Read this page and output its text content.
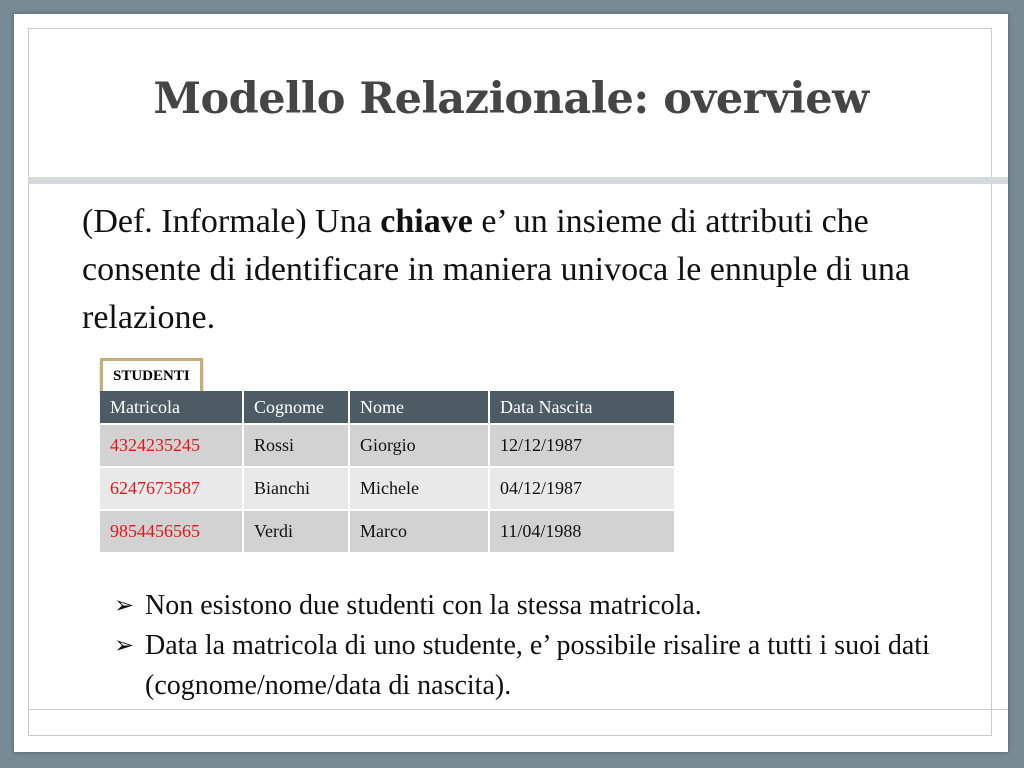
Modello Relazionale: overview
(Def. Informale) Una chiave e’ un insieme di attributi che consente di identificare in maniera univoca le ennuple di una relazione.
STUDENTI
Matricola	Cognome	Nome	Data Nascita
4324235245	Rossi	Giorgio	12/12/1987
6247673587	Bianchi	Michele	04/12/1987
9854456565	Verdi	Marco	11/04/1988
➢ Non esistono due studenti con la stessa matricola.
➢ Data la matricola di uno studente, e’ possibile risalire a tutti i suoi dati (cognome/nome/data di nascita).
